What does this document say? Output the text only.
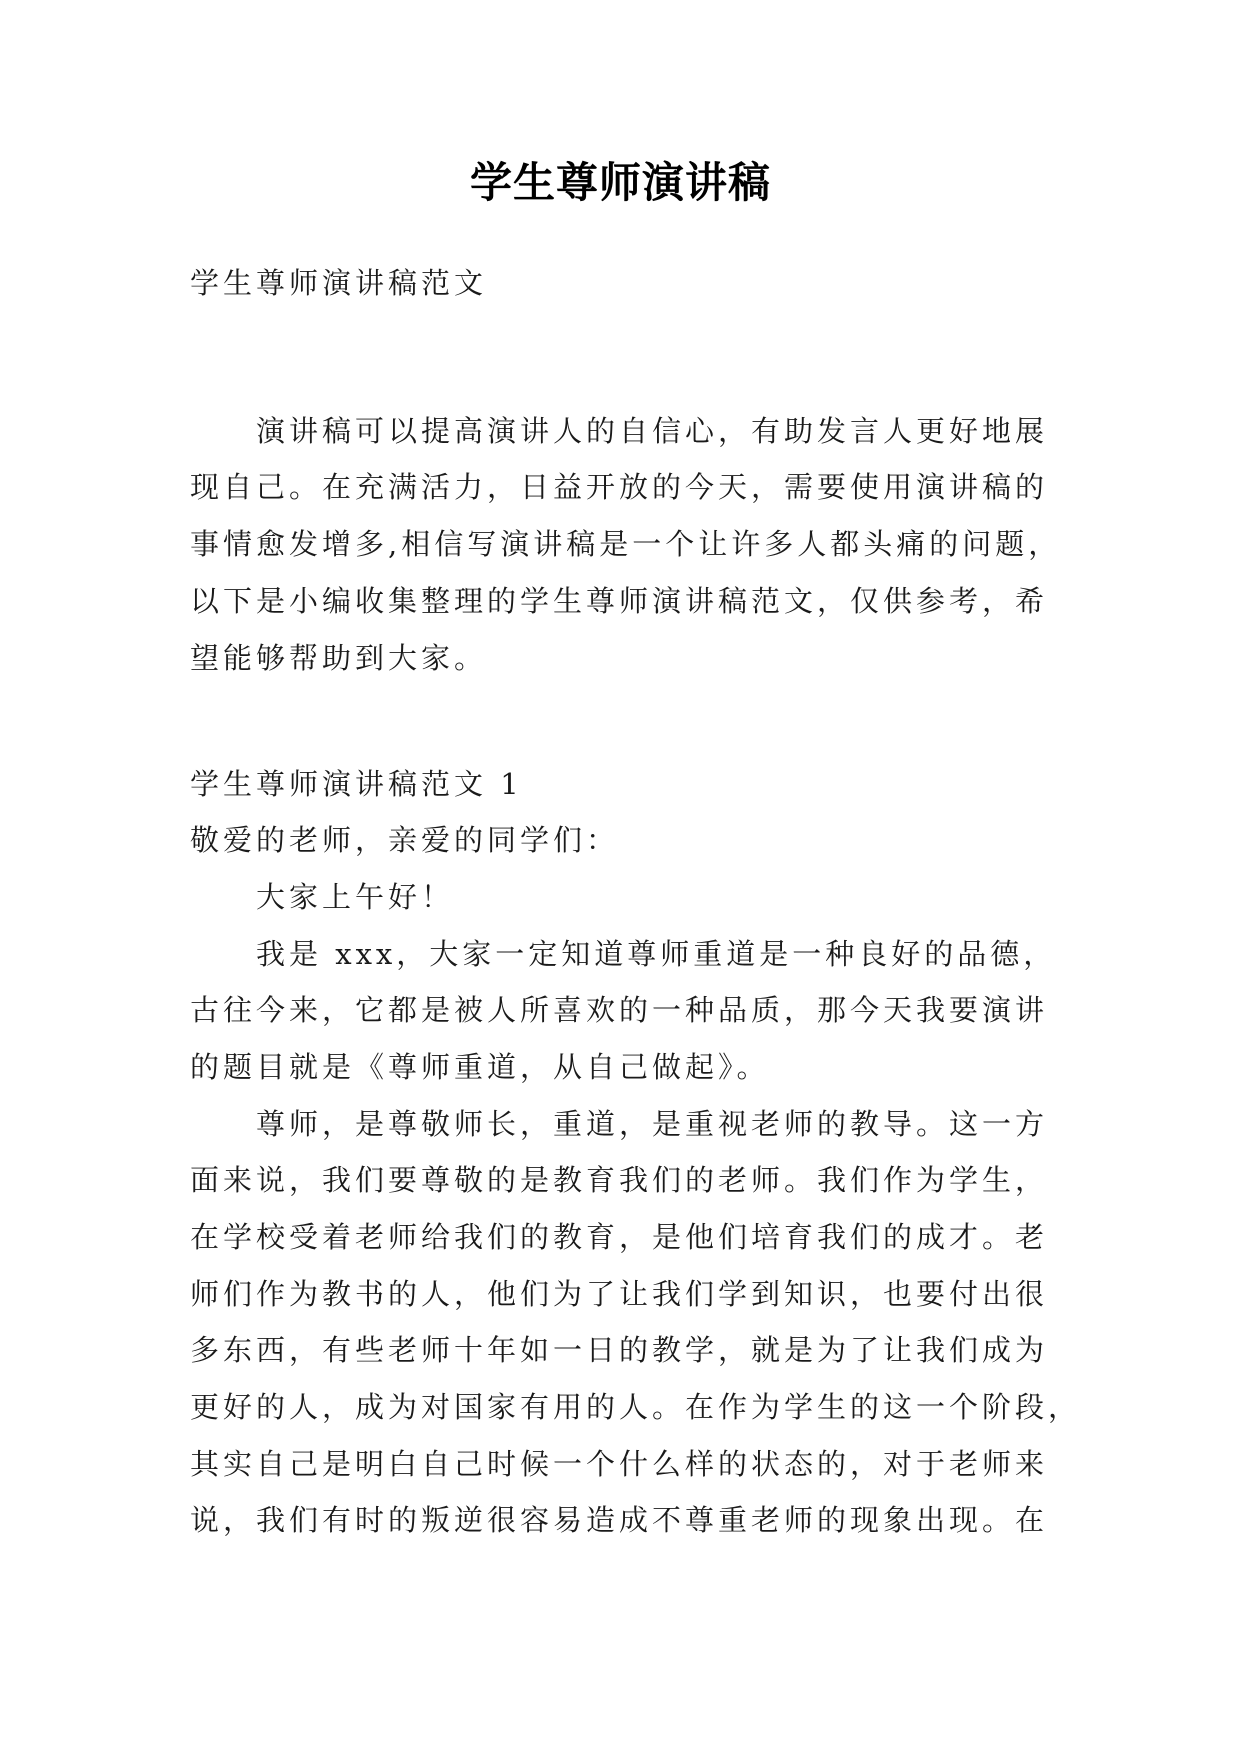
学生尊师演讲稿

学生尊师演讲稿范文

演讲稿可以提高演讲人的自信心，有助发言人更好地展

现自己。在充满活力，日益开放的今天，需要使用演讲稿的

事情愈发增多,相信写演讲稿是一个让许多人都头痛的问题，

以下是小编收集整理的学生尊师演讲稿范文，仅供参考，希

望能够帮助到大家。

学生尊师演讲稿范文 1

敬爱的老师，亲爱的同学们：

大家上午好！

我是 xxx，大家一定知道尊师重道是一种良好的品德，

古往今来，它都是被人所喜欢的一种品质，那今天我要演讲

的题目就是《尊师重道，从自己做起》。

尊师，是尊敬师长，重道，是重视老师的教导。这一方

面来说，我们要尊敬的是教育我们的老师。我们作为学生，

在学校受着老师给我们的教育，是他们培育我们的成才。老

师们作为教书的人，他们为了让我们学到知识，也要付出很

多东西，有些老师十年如一日的教学，就是为了让我们成为

更好的人，成为对国家有用的人。在作为学生的这一个阶段，

其实自己是明白自己时候一个什么样的状态的，对于老师来

说，我们有时的叛逆很容易造成不尊重老师的现象出现。在
